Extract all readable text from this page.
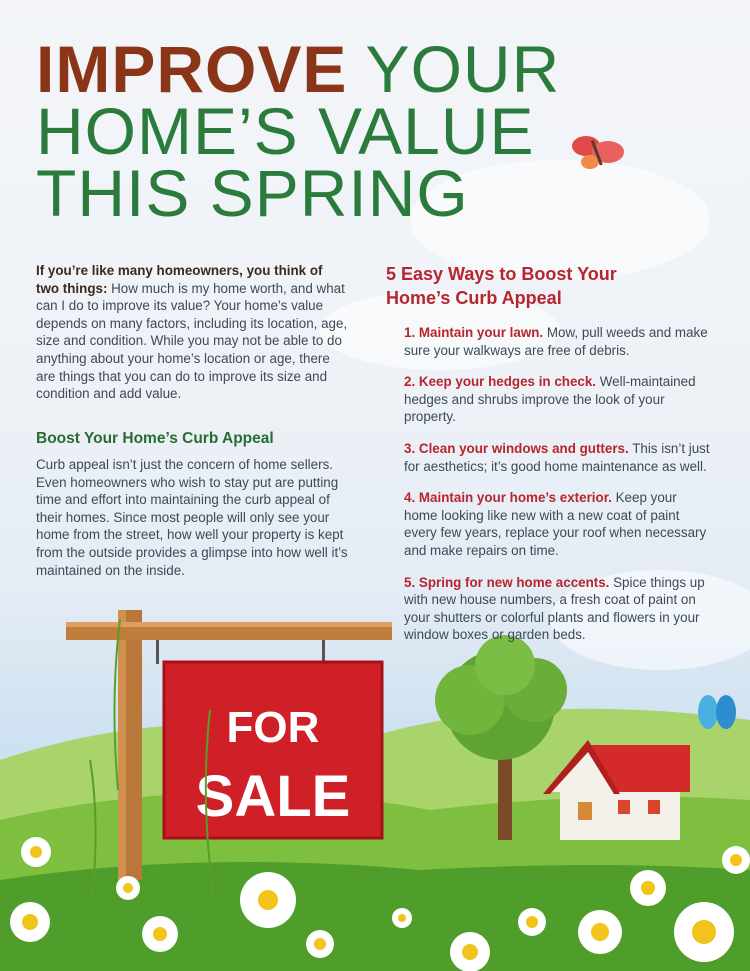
FOR
SALE
IMPROVE YOUR
HOME’S VALUE
THIS SPRING

If you’re like many homeowners, you think of two things: How much is my home worth, and what can I do to improve its value? Your home’s value depends on many factors, including its location, age, size and condition. While you may not be able to do anything about your home’s location or age, there are things that you can do to improve its size and condition and add value.

Boost Your Home’s Curb Appeal

Curb appeal isn’t just the concern of home sellers. Even homeowners who wish to stay put are putting time and effort into maintaining the curb appeal of their homes. Since most people will only see your home from the street, how well your property is kept from the outside provides a glimpse into how well it’s maintained on the inside.

5 Easy Ways to Boost Your Home’s Curb Appeal
1. Maintain your lawn. Mow, pull weeds and make sure your walkways are free of debris.
2. Keep your hedges in check. Well-maintained hedges and shrubs improve the look of your property.
3. Clean your windows and gutters. This isn’t just for aesthetics; it’s good home maintenance as well.
4. Maintain your home’s exterior. Keep your home looking like new with a new coat of paint every few years, replace your roof when necessary and make repairs on time.
5. Spring for new home accents. Spice things up with new house numbers, a fresh coat of paint on your shutters or colorful plants and flowers in your window boxes or garden beds.
